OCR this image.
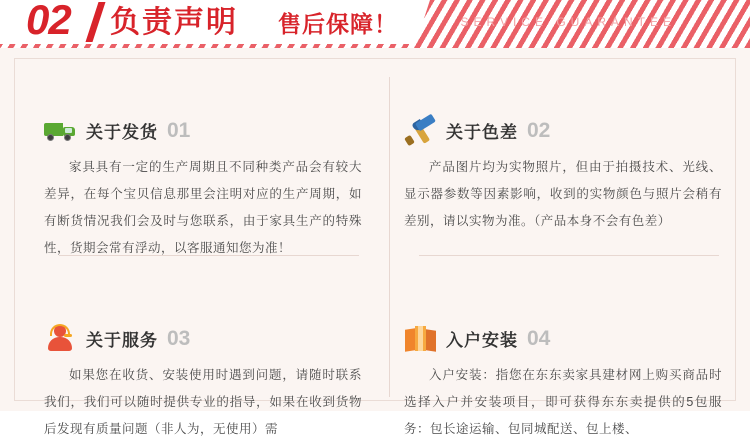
02 负责声明 售后保障！	SERVICE GUARANTEE
关于发货 01
家具具有一定的生产周期且不同种类产品会有较大差异，在每个宝贝信息那里会注明对应的生产周期，如有断货情况我们会及时与您联系，由于家具生产的特殊性，货期会常有浮动，以客服通知您为准！
关于色差 02
产品图片均为实物照片，但由于拍摄技术、光线、显示器参数等因素影响，收到的实物颜色与照片会稍有差别，请以实物为准。（产品本身不会有色差）
关于服务 03
如果您在收货、安装使用时遇到问题，请随时联系我们，我们可以随时提供专业的指导，如果在收到货物后发现有质量问题（非人为，无使用）需
入户安装 04
入户安装：指您在东东卖家具建材网上购买商品时选择入户并安装项目，即可获得东东卖提供的5包服务：包长途运输、包同城配送、包上楼、
